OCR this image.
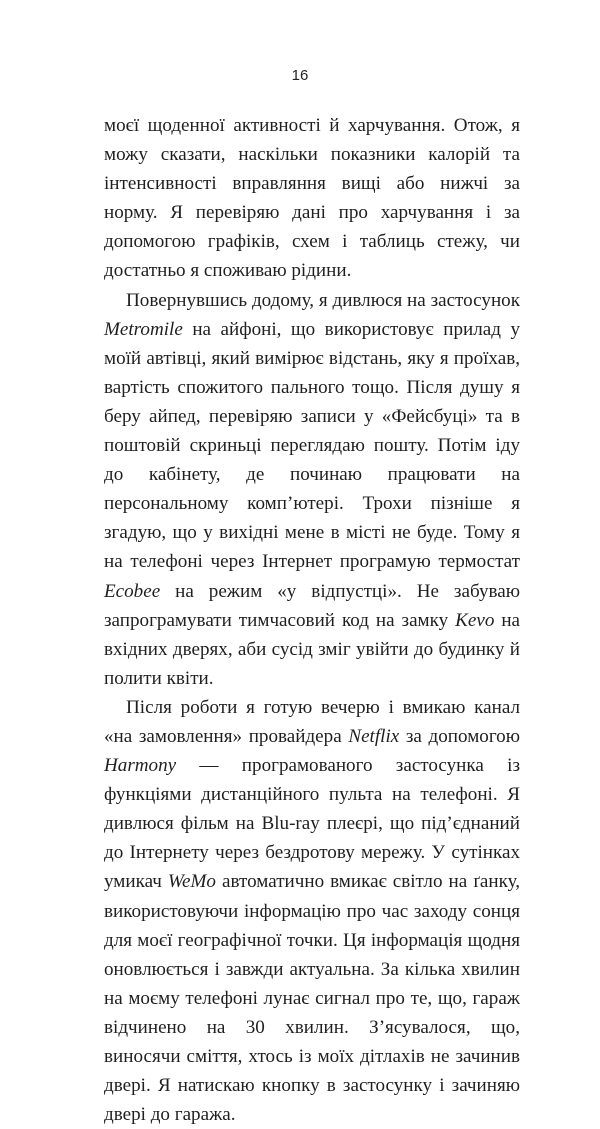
16

моєї щоденної активності й харчування. Отож, я можу сказати, наскільки показники калорій та інтенсивності вправляння вищі або нижчі за норму. Я перевіряю дані про харчування і за допомогою графіків, схем і таблиць стежу, чи достатньо я споживаю рідини.

Повернувшись додому, я дивлюся на застосунок Metromile на айфоні, що використовує прилад у моїй автівці, який вимірює відстань, яку я проїхав, вартість спожитого пального тощо. Після душу я беру айпед, перевіряю записи у «Фейсбуці» та в поштовій скриньці переглядаю пошту. Потім іду до кабінету, де починаю працювати на персональному комп’ютері. Трохи пізніше я згадую, що у вихідні мене в місті не буде. Тому я на телефоні через Інтернет програмую термостат Ecobee на режим «у відпустці». Не забуваю запрограмувати тимчасовий код на замку Kevo на вхідних дверях, аби сусід зміг увійти до будинку й полити квіти.

Після роботи я готую вечерю і вмикаю канал «на замовлення» провайдера Netflix за допомогою Harmony — програмованого застосунка із функціями дистанційного пульта на телефоні. Я дивлюся фільм на Blu-ray плеєрі, що під’єднаний до Інтернету через бездротову мережу. У сутінках умикач WeMo автоматично вмикає світло на ґанку, використовуючи інформацію про час заходу сонця для моєї географічної точки. Ця інформація щодня оновлюється і завжди актуальна. За кілька хвилин на моєму телефоні лунає сигнал про те, що, гараж відчинено на 30 хвилин. З’ясувалося, що, виносячи сміття, хтось із моїх дітлахів не зачинив двері. Я натискаю кнопку в застосунку і зачиняю двері до гаража.
